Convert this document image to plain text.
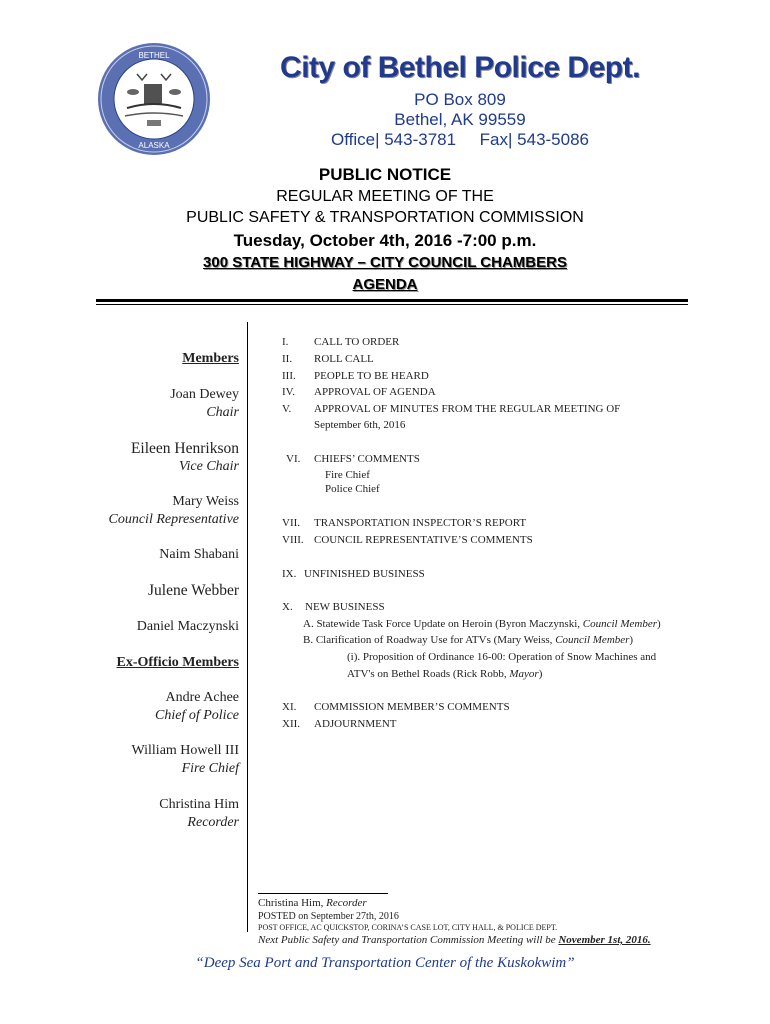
BETHEL
ALASKA
City of Bethel Police Dept.
PO Box 809
Bethel, AK 99559
Office| 543-3781     Fax| 543-5086
PUBLIC NOTICE
REGULAR MEETING OF THE
PUBLIC SAFETY & TRANSPORTATION COMMISSION
Tuesday, October 4th, 2016 -7:00 p.m.
300 STATE HIGHWAY – CITY COUNCIL CHAMBERS
AGENDA
Members
Joan Dewey
Chair
Eileen Henrikson
Vice Chair
Mary Weiss
Council Representative
Naim Shabani
Julene Webber
Daniel Maczynski
Ex-Officio Members
Andre Achee
Chief of Police
William Howell III
Fire Chief
Christina Him
Recorder
I. CALL TO ORDER
II. ROLL CALL
III. PEOPLE TO BE HEARD
IV. APPROVAL OF AGENDA
V. APPROVAL OF MINUTES FROM THE REGULAR MEETING OF
September 6th, 2016
VI. CHIEFS’ COMMENTS
Fire Chief
Police Chief
VII. TRANSPORTATION INSPECTOR’S REPORT
VIII. COUNCIL REPRESENTATIVE’S COMMENTS
IX. UNFINISHED BUSINESS
X. NEW BUSINESS
A. Statewide Task Force Update on Heroin (Byron Maczynski, Council Member)
B. Clarification of Roadway Use for ATVs (Mary Weiss, Council Member)
(i). Proposition of Ordinance 16-00: Operation of Snow Machines and
ATV's on Bethel Roads (Rick Robb, Mayor)
XI. COMMISSION MEMBER’S COMMENTS
XII. ADJOURNMENT
Christina Him, Recorder
POSTED on September 27th, 2016
POST OFFICE, AC QUICKSTOP, CORINA’S CASE LOT, CITY HALL, & POLICE DEPT.
Next Public Safety and Transportation Commission Meeting will be November 1st, 2016.
“Deep Sea Port and Transportation Center of the Kuskokwim”
